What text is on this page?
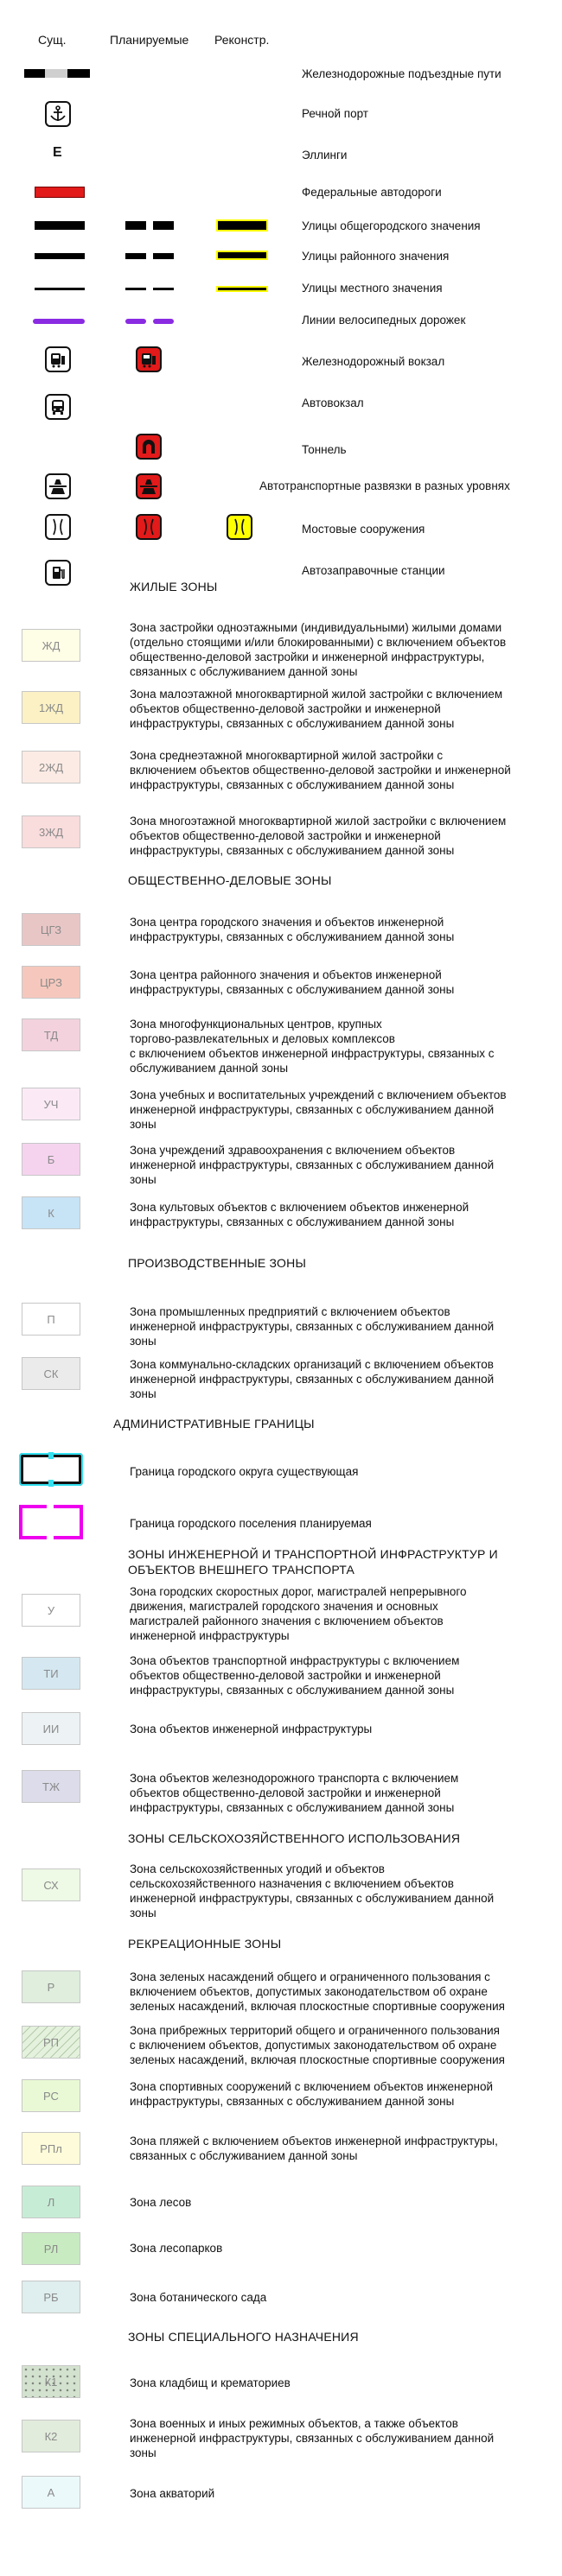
Сущ.	Планируемые Реконстр.
Железнодорожные подъездные пути
Речной порт
Е	Эллинги
Федеральные автодороги
Улицы общегородского значения
Улицы районного значения
Улицы местного значения
Линии велосипедных дорожек
Железнодорожный вокзал
Автовокзал
Тоннель
Автотранспортные развязки в разных уровнях
Мостовые сооружения
Автозаправочные станции
ЖИЛЫЕ ЗОНЫ
ЖД
Зона застройки одноэтажными (индивидуальными) жилыми домами
(отдельно стоящими и/или блокированными) с включением объектов
общественно-деловой застройки и инженерной инфраструктуры,
связанных с обслуживанием данной зоны
1ЖД
Зона малоэтажной многоквартирной жилой застройки с включением
объектов общественно-деловой застройки и инженерной
инфраструктуры, связанных с обслуживанием данной зоны
2ЖД
Зона среднеэтажной многоквартирной жилой застройки с
включением объектов общественно-деловой застройки и инженерной
инфраструктуры, связанных с обслуживанием данной зоны
3ЖД
Зона многоэтажной многоквартирной жилой застройки с включением
объектов общественно-деловой застройки и инженерной
инфраструктуры, связанных с обслуживанием данной зоны
ОБЩЕСТВЕННО-ДЕЛОВЫЕ ЗОНЫ
ЦГЗ
Зона центра городского значения и объектов инженерной
инфраструктуры, связанных с обслуживанием данной зоны
ЦРЗ
Зона центра районного значения и объектов инженерной
инфраструктуры, связанных с обслуживанием данной зоны
ТД
Зона многофункциональных центров, крупных
торгово-развлекательных и деловых комплексов
с включением объектов инженерной инфраструктуры, связанных с
обслуживанием данной зоны
УЧ
Зона учебных и воспитательных учреждений с включением объектов
инженерной инфраструктуры, связанных с обслуживанием данной
зоны
Б
Зона учреждений здравоохранения с включением объектов
инженерной инфраструктуры, связанных с обслуживанием данной
зоны
К	Зона культовых объектов с включением объектов инженерной
инфраструктуры, связанных с обслуживанием данной зоны
ПРОИЗВОДСТВЕННЫЕ ЗОНЫ
П
Зона промышленных предприятий с включением объектов
инженерной инфраструктуры, связанных с обслуживанием данной
зоны
СК
Зона коммунально-складских организаций с включением объектов
инженерной инфраструктуры, связанных с обслуживанием данной
зоны
АДМИНИСТРАТИВНЫЕ ГРАНИЦЫ
Граница городского округа существующая
Граница городского поселения планируемая
ЗОНЫ ИНЖЕНЕРНОЙ И ТРАНСПОРТНОЙ ИНФРАСТРУКТУР И
ОБЪЕКТОВ ВНЕШНЕГО ТРАНСПОРТА
У
Зона городских скоростных дорог, магистралей непрерывного
движения, магистралей городского значения и основных
магистралей районного значения с включением объектов
инженерной инфраструктуры
ТИ
Зона объектов транспортной инфраструктуры с включением
объектов общественно-деловой застройки и инженерной
инфраструктуры, связанных с обслуживанием данной зоны
ИИ	Зона объектов инженерной инфраструктуры
ТЖ
Зона объектов железнодорожного транспорта с включением
объектов общественно-деловой застройки и инженерной
инфраструктуры, связанных с обслуживанием данной зоны
ЗОНЫ СЕЛЬСКОХОЗЯЙСТВЕННОГО ИСПОЛЬЗОВАНИЯ
СХ
Зона сельскохозяйственных угодий и объектов
сельскохозяйственного назначения с включением объектов
инженерной инфраструктуры, связанных с обслуживанием данной
зоны
РЕКРЕАЦИОННЫЕ ЗОНЫ
Р
Зона зеленых насаждений общего и ограниченного пользования с
включением объектов, допустимых законодательством об охране
зеленых насаждений, включая плоскостные спортивные сооружения
РП
Зона прибрежных территорий общего и ограниченного пользования
с включением объектов, допустимых законодательством об охране
зеленых насаждений, включая плоскостные спортивные сооружения
РС
Зона спортивных сооружений с включением объектов инженерной
инфраструктуры, связанных с обслуживанием данной зоны
РПл
Зона пляжей с включением объектов инженерной инфраструктуры,
связанных с обслуживанием данной зоны
Л	Зона лесов
РЛ	Зона лесопарков
РБ	Зона ботанического сада
ЗОНЫ СПЕЦИАЛЬНОГО НАЗНАЧЕНИЯ
К1	Зона кладбищ и крематориев
К2
Зона военных и иных режимных объектов, а также объектов
инженерной инфраструктуры, связанных с обслуживанием данной
зоны
А	Зона акваторий
